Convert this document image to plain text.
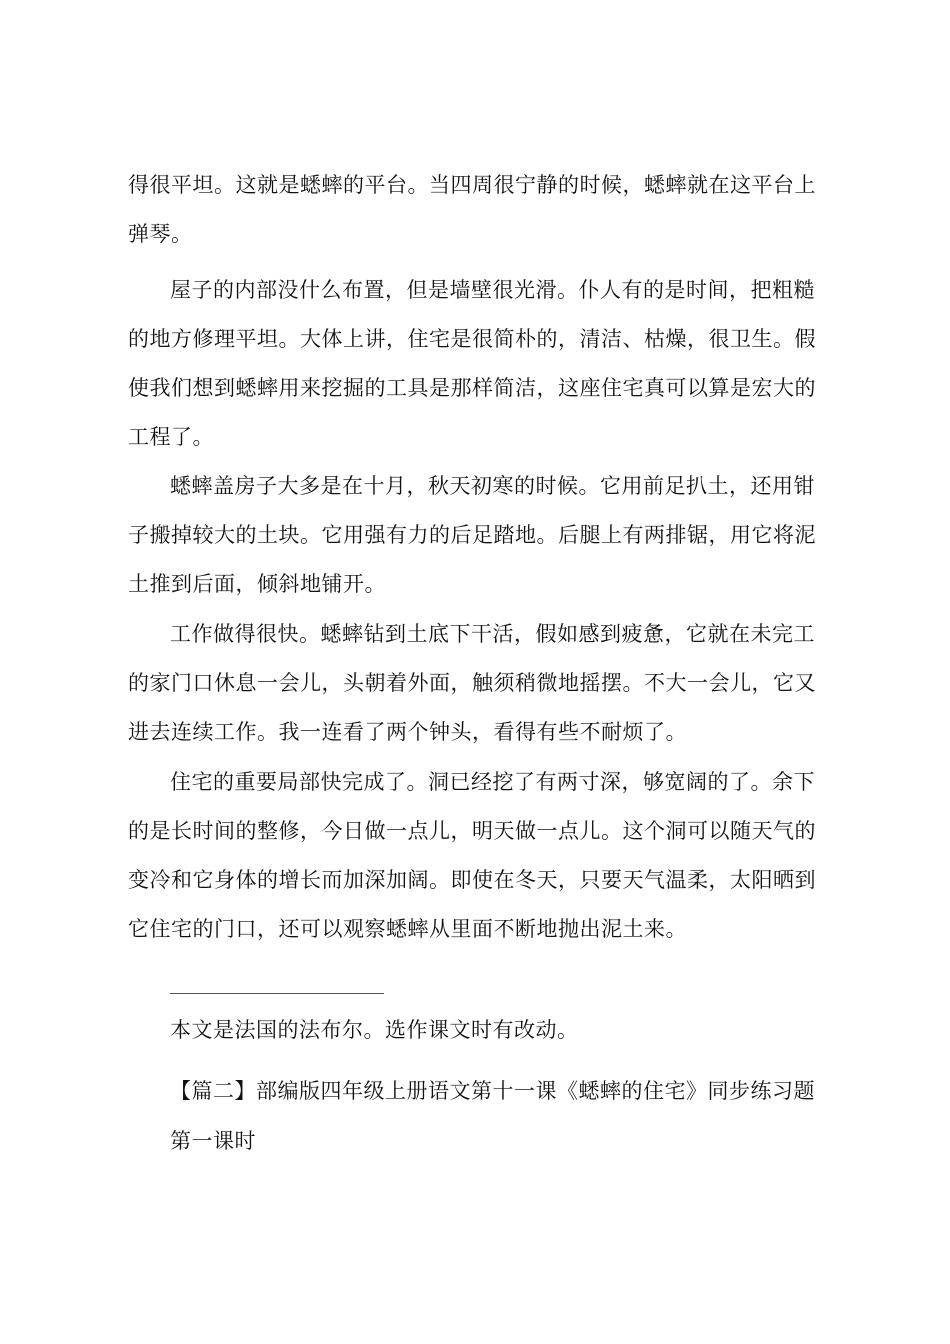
得很平坦。这就是蟋蟀的平台。当四周很宁静的时候，蟋蟀就在这平台上
弹琴。
屋子的内部没什么布置，但是墙壁很光滑。仆人有的是时间，把粗糙
的地方修理平坦。大体上讲，住宅是很简朴的，清洁、枯燥，很卫生。假
使我们想到蟋蟀用来挖掘的工具是那样简洁，这座住宅真可以算是宏大的
工程了。
蟋蟀盖房子大多是在十月，秋天初寒的时候。它用前足扒土，还用钳
子搬掉较大的土块。它用强有力的后足踏地。后腿上有两排锯，用它将泥
土推到后面，倾斜地铺开。
工作做得很快。蟋蟀钻到土底下干活，假如感到疲惫，它就在未完工
的家门口休息一会儿，头朝着外面，触须稍微地摇摆。不大一会儿，它又
进去连续工作。我一连看了两个钟头，看得有些不耐烦了。
住宅的重要局部快完成了。洞已经挖了有两寸深，够宽阔的了。余下
的是长时间的整修，今日做一点儿，明天做一点儿。这个洞可以随天气的
变冷和它身体的增长而加深加阔。即使在冬天，只要天气温柔，太阳晒到
它住宅的门口，还可以观察蟋蟀从里面不断地抛出泥土来。
本文是法国的法布尔。选作课文时有改动。
【篇二】部编版四年级上册语文第十一课《蟋蟀的住宅》同步练习题
第一课时
